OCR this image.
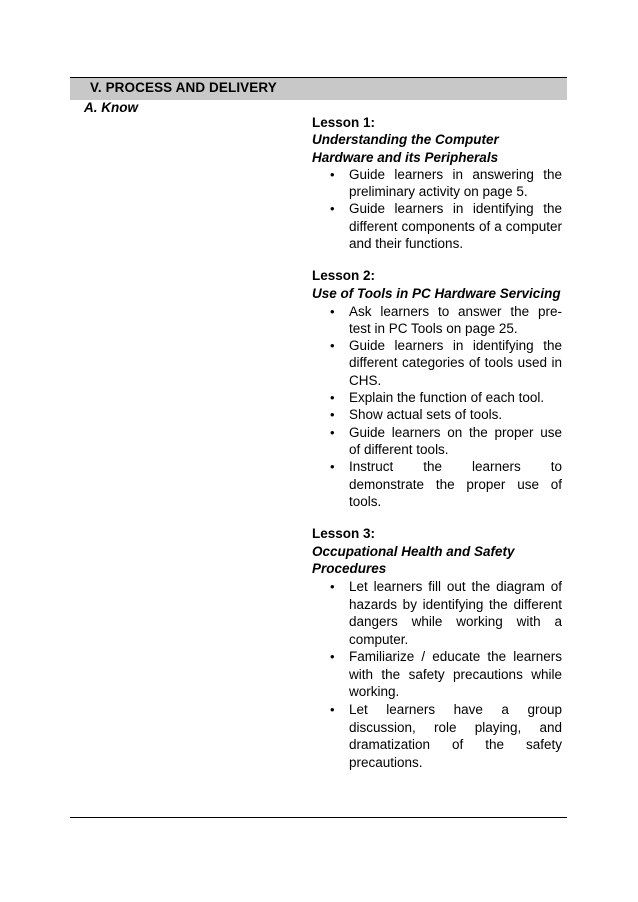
V. PROCESS AND DELIVERY
A. Know
Lesson 1:
Understanding the Computer Hardware and its Peripherals
• Guide learners in answering the preliminary activity on page 5.
• Guide learners in identifying the different components of a computer and their functions.
Lesson 2:
Use of Tools in PC Hardware Servicing
• Ask learners to answer the pre- test in PC Tools on page 25.
• Guide learners in identifying the different categories of tools used in CHS.
• Explain the function of each tool.
• Show actual sets of tools.
• Guide learners on the proper use of different tools.
• Instruct the learners to demonstrate the proper use of tools.
Lesson 3:
Occupational Health and Safety Procedures
• Let learners fill out the diagram of hazards by identifying the different dangers while working with a computer.
• Familiarize / educate the learners with the safety precautions while working.
• Let learners have a group discussion, role playing, and dramatization of the safety precautions.
